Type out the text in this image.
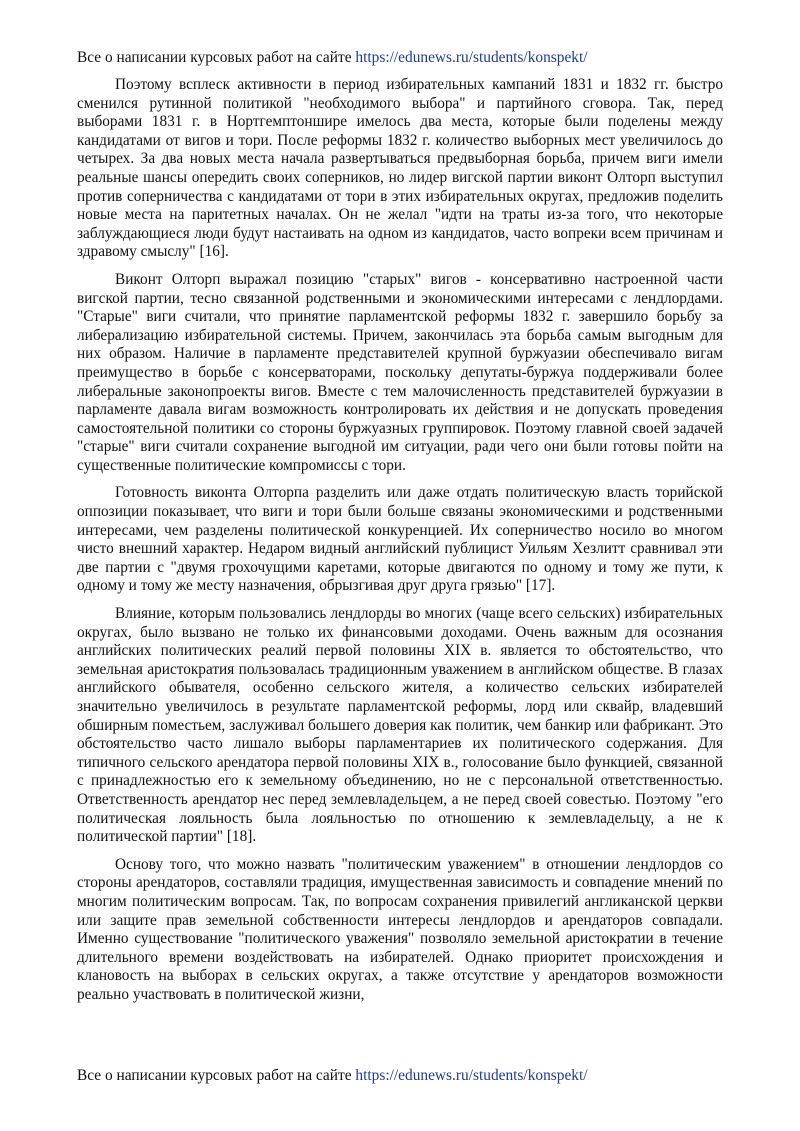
Все о написании курсовых работ на сайте https://edunews.ru/students/konspekt/

Поэтому всплеск активности в период избирательных кампаний 1831 и 1832 гг. быстро сменился рутинной политикой "необходимого выбора" и партийного сговора. Так, перед выборами 1831 г. в Нортгемптоншире имелось два места, которые были поделены между кандидатами от вигов и тори. После реформы 1832 г. количество выборных мест увеличилось до четырех. За два новых места начала развертываться предвыборная борьба, причем виги имели реальные шансы опередить своих соперников, но лидер вигской партии виконт Олторп выступил против соперничества с кандидатами от тори в этих избирательных округах, предложив поделить новые места на паритетных началах. Он не желал "идти на траты из-за того, что некоторые заблуждающиеся люди будут настаивать на одном из кандидатов, часто вопреки всем причинам и здравому смыслу" [16].

Виконт Олторп выражал позицию "старых" вигов - консервативно настроенной части вигской партии, тесно связанной родственными и экономическими интересами с лендлордами. "Старые" виги считали, что принятие парламентской реформы 1832 г. завершило борьбу за либерализацию избирательной системы. Причем, закончилась эта борьба самым выгодным для них образом. Наличие в парламенте представителей крупной буржуазии обеспечивало вигам преимущество в борьбе с консерваторами, поскольку депутаты-буржуа поддерживали более либеральные законопроекты вигов. Вместе с тем малочисленность представителей буржуазии в парламенте давала вигам возможность контролировать их действия и не допускать проведения самостоятельной политики со стороны буржуазных группировок. Поэтому главной своей задачей "старые" виги считали сохранение выгодной им ситуации, ради чего они были готовы пойти на существенные политические компромиссы с тори.

Готовность виконта Олторпа разделить или даже отдать политическую власть торийской оппозиции показывает, что виги и тори были больше связаны экономическими и родственными интересами, чем разделены политической конкуренцией. Их соперничество носило во многом чисто внешний характер. Недаром видный английский публицист Уильям Хезлитт сравнивал эти две партии с "двумя грохочущими каретами, которые двигаются по одному и тому же пути, к одному и тому же месту назначения, обрызгивая друг друга грязью" [17].

Влияние, которым пользовались лендлорды во многих (чаще всего сельских) избирательных округах, было вызвано не только их финансовыми доходами. Очень важным для осознания английских политических реалий первой половины XIX в. является то обстоятельство, что земельная аристократия пользовалась традиционным уважением в английском обществе. В глазах английского обывателя, особенно сельского жителя, а количество сельских избирателей значительно увеличилось в результате парламентской реформы, лорд или сквайр, владевший обширным поместьем, заслуживал большего доверия как политик, чем банкир или фабрикант. Это обстоятельство часто лишало выборы парламентариев их политического содержания. Для типичного сельского арендатора первой половины XIX в., голосование было функцией, связанной с принадлежностью его к земельному объединению, но не с персональной ответственностью. Ответственность арендатор нес перед землевладельцем, а не перед своей совестью. Поэтому "его политическая лояльность была лояльностью по отношению к землевладельцу, а не к политической партии" [18].

Основу того, что можно назвать "политическим уважением" в отношении лендлордов со стороны арендаторов, составляли традиция, имущественная зависимость и совпадение мнений по многим политическим вопросам. Так, по вопросам сохранения привилегий англиканской церкви или защите прав земельной собственности интересы лендлордов и арендаторов совпадали. Именно существование "политического уважения" позволяло земельной аристократии в течение длительного времени воздействовать на избирателей. Однако приоритет происхождения и клановость на выборах в сельских округах, а также отсутствие у арендаторов возможности реально участвовать в политической жизни,

Все о написании курсовых работ на сайте https://edunews.ru/students/konspekt/
